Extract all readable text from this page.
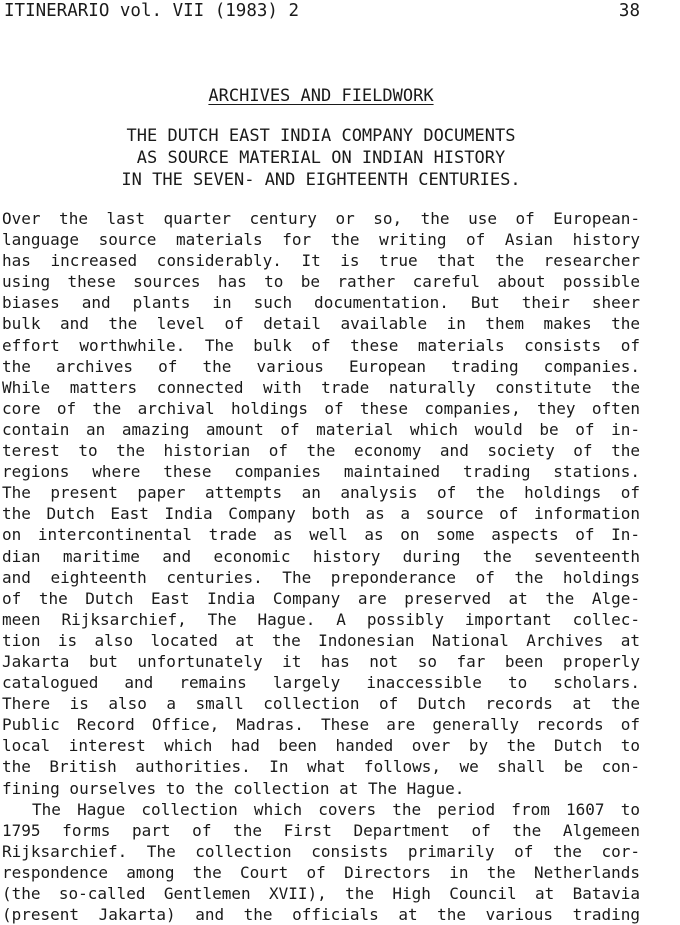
ITINERARIO vol. VII (1983) 2	38
ARCHIVES AND FIELDWORK
THE DUTCH EAST INDIA COMPANY DOCUMENTS
AS SOURCE MATERIAL ON INDIAN HISTORY
IN THE SEVEN- AND EIGHTEENTH CENTURIES.
Over the last quarter century or so, the use of European-
language source materials for the writing of Asian history
has increased considerably. It is true that the researcher
using these sources has to be rather careful about possible
biases and plants in such documentation. But their sheer
bulk and the level of detail available in them makes the
effort worthwhile. The bulk of these materials consists of
the archives of the various European trading companies.
While matters connected with trade naturally constitute the
core of the archival holdings of these companies, they often
contain an amazing amount of material which would be of in-
terest to the historian of the economy and society of the
regions where these companies maintained trading stations.
The present paper attempts an analysis of the holdings of
the Dutch East India Company both as a source of information
on intercontinental trade as well as on some aspects of In-
dian maritime and economic history during the seventeenth
and eighteenth centuries. The preponderance of the holdings
of the Dutch East India Company are preserved at the Alge-
meen Rijksarchief, The Hague. A possibly important collec-
tion is also located at the Indonesian National Archives at
Jakarta but unfortunately it has not so far been properly
catalogued and remains largely inaccessible to scholars.
There is also a small collection of Dutch records at the
Public Record Office, Madras. These are generally records of
local interest which had been handed over by the Dutch to
the British authorities. In what follows, we shall be con-
fining ourselves to the collection at The Hague.
The Hague collection which covers the period from 1607 to
1795 forms part of the First Department of the Algemeen
Rijksarchief. The collection consists primarily of the cor-
respondence among the Court of Directors in the Netherlands
(the so-called Gentlemen XVII), the High Council at Batavia
(present Jakarta) and the officials at the various trading
